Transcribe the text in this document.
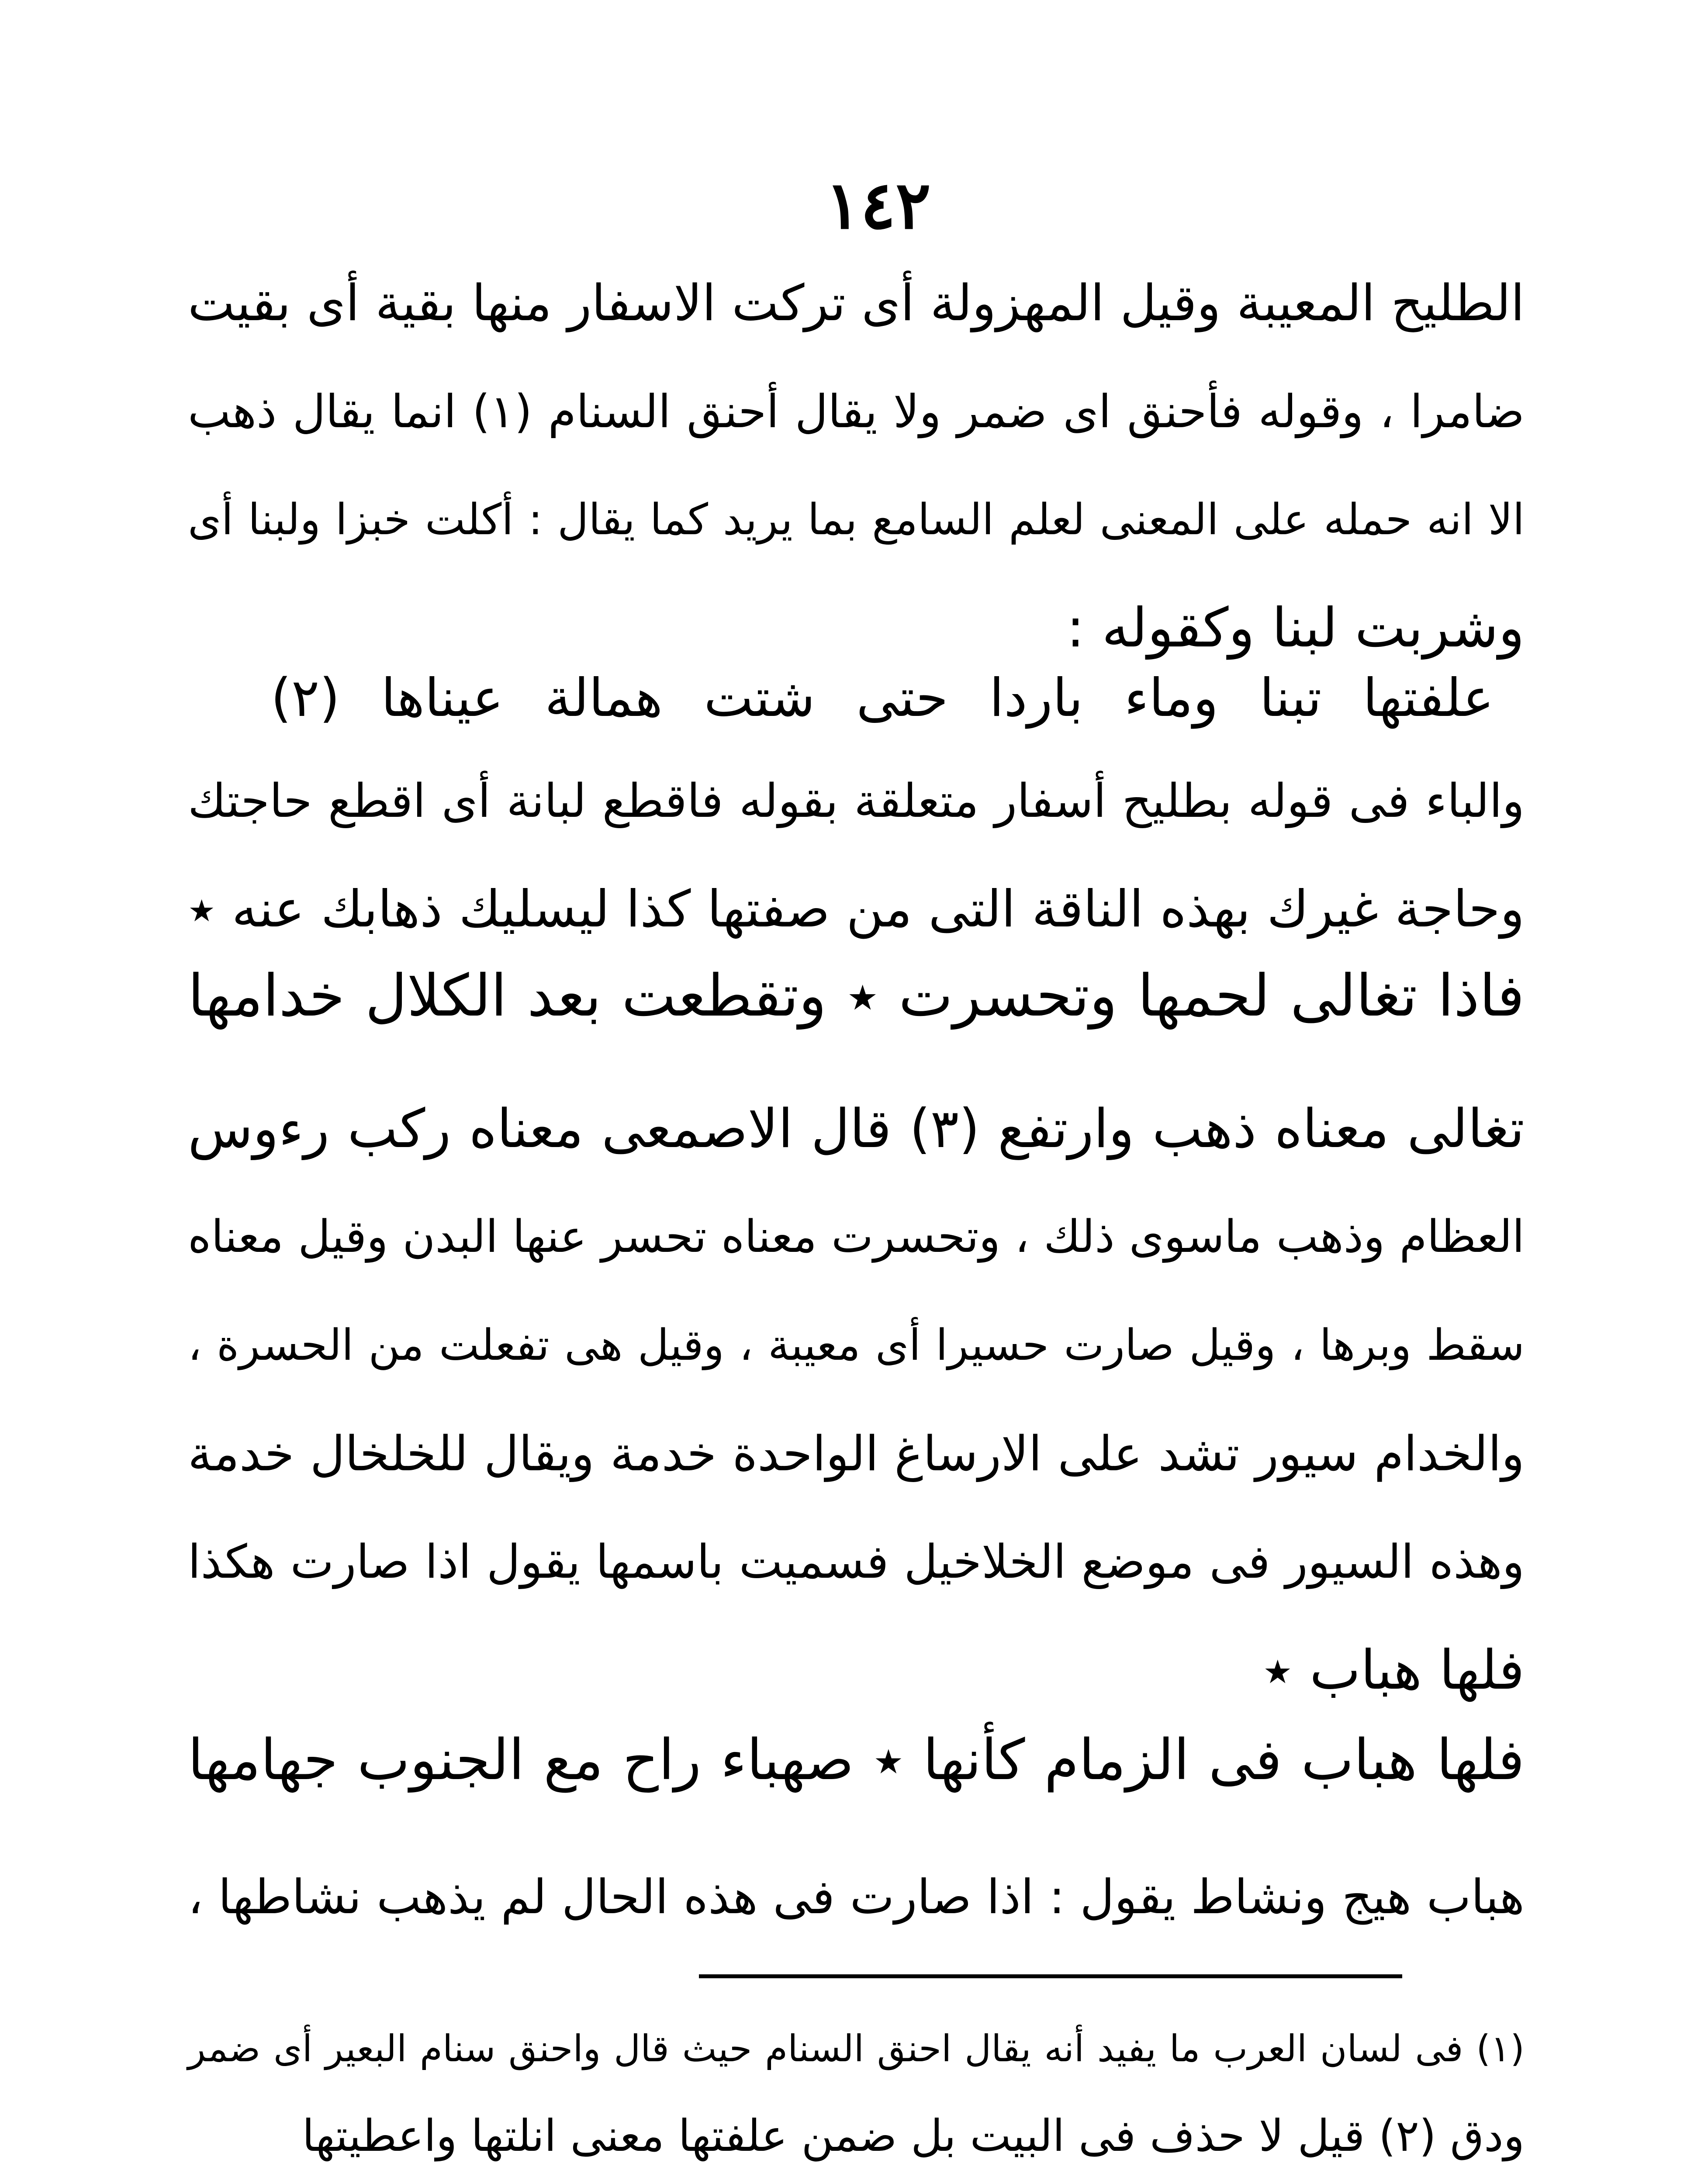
١٤٢
الطليح المعيبة وقيل المهزولة أى تركت الاسفار منها بقية أى بقيت
ضامرا ، وقوله فأحنق اى ضمر ولا يقال أحنق السنام (١) انما يقال ذهب
الا انه حمله على المعنى لعلم السامع بما يريد كما يقال : أكلت خبزا ولبنا أى
وشربت لبنا وكقوله :
علفتها تبنا وماء باردا حتى شتت همالة عيناها (٢)
والباء فى قوله بطليح أسفار متعلقة بقوله فاقطع لبانة أى اقطع حاجتك
وحاجة غيرك بهذه الناقة التى من صفتها كذا ليسليك ذهابك عنه ٭
فاذا تغالى لحمها وتحسرت ٭ وتقطعت بعد الكلال خدامها
تغالى معناه ذهب وارتفع (٣) قال الاصمعى معناه ركب رءوس
العظام وذهب ماسوى ذلك ، وتحسرت معناه تحسر عنها البدن وقيل معناه
سقط وبرها ، وقيل صارت حسيرا أى معيبة ، وقيل هى تفعلت من الحسرة ،
والخدام سيور تشد على الارساغ الواحدة خدمة ويقال للخلخال خدمة
وهذه السيور فى موضع الخلاخيل فسميت باسمها يقول اذا صارت هكذا
فلها هباب ٭
فلها هباب فى الزمام كأنها ٭ صهباء راح مع الجنوب جهامها
هباب هيج ونشاط يقول : اذا صارت فى هذه الحال لم يذهب نشاطها ،
(١) فى لسان العرب ما يفيد أنه يقال احنق السنام حيث قال واحنق سنام البعير أى ضمر
ودق (٢) قيل لا حذف فى البيت بل ضمن علفتها معنى انلتها واعطيتها
